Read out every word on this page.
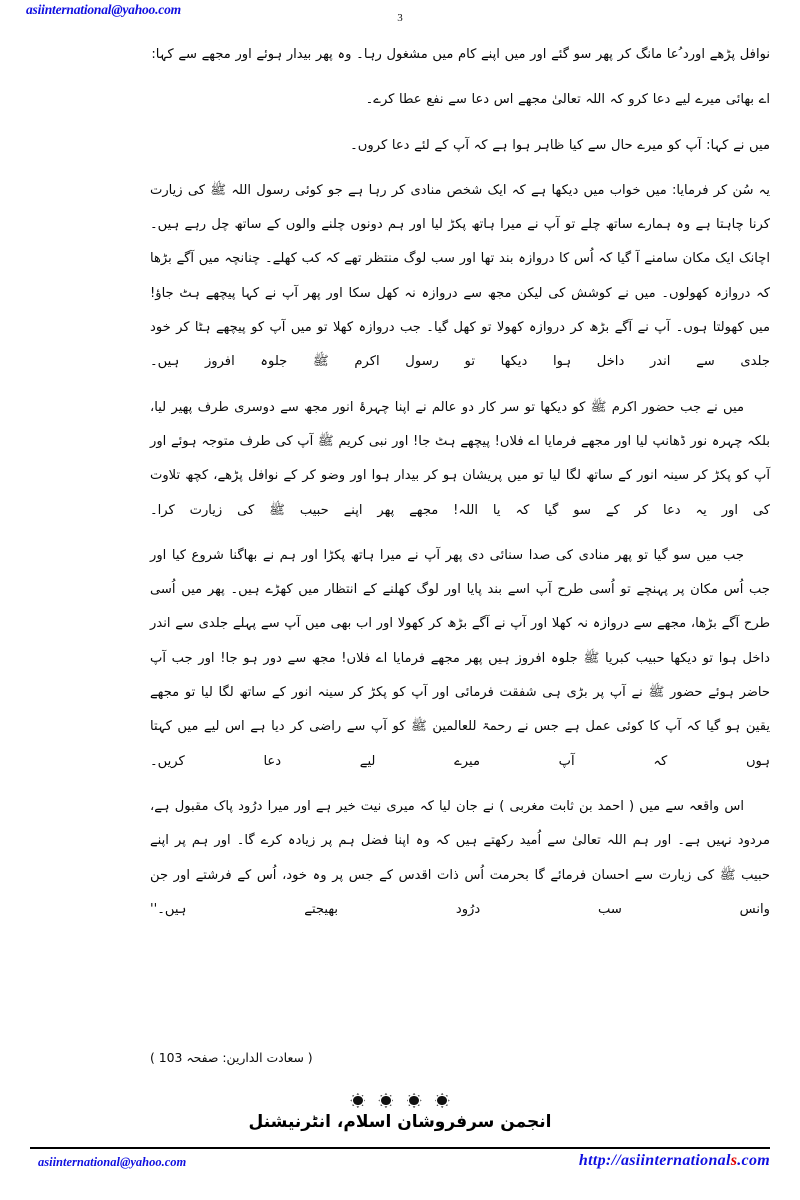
asiinternational@yahoo.com
3

نوافل پڑھے اورد ُعا مانگ کر پھر سو گئے اور میں اپنے کام میں مشغول رہا۔ وہ پھر بیدار ہوئے اور مجھے سے کہا:

اے بھائی میرے لیے دعا کرو کہ اللہ تعالیٰ مجھے اس دعا سے نفع عطا کرے۔

میں نے کہا: آپ کو میرے حال سے کیا ظاہر ہوا ہے کہ آپ کے لئے دعا کروں۔

یہ سُن کر فرمایا: میں خواب میں دیکھا ہے کہ ایک شخص منادی کر رہا ہے جو کوئی رسول اللہ ﷺ کی زیارت کرنا چاہتا ہے وہ ہمارے ساتھ چلے تو آپ نے میرا ہاتھ پکڑ لیا اور ہم دونوں چلنے والوں کے ساتھ چل رہے ہیں۔ اچانک ایک مکان سامنے آ گیا کہ اُس کا دروازہ بند تھا اور سب لوگ منتظر تھے کہ کب کھلے۔ چنانچہ میں آگے بڑھا کہ دروازہ کھولوں۔ میں نے کوشش کی لیکن مجھ سے دروازہ نہ کھل سکا اور پھر آپ نے کہا پیچھے ہٹ جاؤ! میں کھولتا ہوں۔ آپ نے آگے بڑھ کر دروازہ کھولا تو کھل گیا۔ جب دروازہ کھلا تو میں آپ کو پیچھے ہٹا کر خود جلدی سے اندر داخل ہوا دیکھا تو رسول اکرم ﷺ جلوہ افروز ہیں۔

میں نے جب حضور اکرم ﷺ کو دیکھا تو سر کار دو عالم نے اپنا چہرۂ انور مجھ سے دوسری طرف پھیر لیا، بلکہ چہرہ نور ڈھانپ لیا اور مجھے فرمایا اے فلاں! پیچھے ہٹ جا! اور نبی کریم ﷺ آپ کی طرف متوجہ ہوئے اور آپ کو پکڑ کر سینہ انور کے ساتھ لگا لیا تو میں پریشان ہو کر بیدار ہوا اور وضو کر کے نوافل پڑھے، کچھ تلاوت کی اور یہ دعا کر کے سو گیا کہ یا اللہ! مجھے پھر اپنے حبیب ﷺ کی زیارت کرا۔

جب میں سو گیا تو پھر منادی کی صدا سنائی دی پھر آپ نے میرا ہاتھ پکڑا اور ہم نے بھاگنا شروع کیا اور جب اُس مکان پر پہنچے تو اُسی طرح آپ اسے بند پایا اور لوگ کھلنے کے انتظار میں کھڑے ہیں۔ پھر میں اُسی طرح آگے بڑھا، مجھے سے دروازہ نہ کھلا اور آپ نے آگے بڑھ کر کھولا اور اب بھی میں آپ سے پہلے جلدی سے اندر داخل ہوا تو دیکھا حبیب کبریا ﷺ جلوہ افروز ہیں پھر مجھے فرمایا اے فلاں! مجھ سے دور ہو جا! اور جب آپ حاضر ہوئے حضور ﷺ نے آپ پر بڑی ہی شفقت فرمائی اور آپ کو پکڑ کر سینہ انور کے ساتھ لگا لیا تو مجھے یقین ہو گیا کہ آپ کا کوئی عمل ہے جس نے رحمۃ للعالمین ﷺ کو آپ سے راضی کر دیا ہے اس لیے میں کہتا ہوں کہ آپ میرے لیے دعا کریں۔

اس واقعہ سے میں ( احمد بن ثابت مغربی ) نے جان لیا کہ میری نیت خیر ہے اور میرا درُود پاک مقبول ہے، مردود نہیں ہے۔ اور ہم اللہ تعالیٰ سے اُمید رکھتے ہیں کہ وہ اپنا فضل ہم پر زیادہ کرے گا۔ اور ہم پر اپنے حبیب ﷺ کی زیارت سے احسان فرمائے گا بحرمت اُس ذات اقدس کے جس پر وہ خود، اُس کے فرشتے اور جن وانس سب درُود بھیجتے ہیں۔''

( سعادت الدارین: صفحہ 103 )

انجمن سرفروشان اسلام، انٹرنیشنل
asiinternational@yahoo.com	http://asiinternationals.com
